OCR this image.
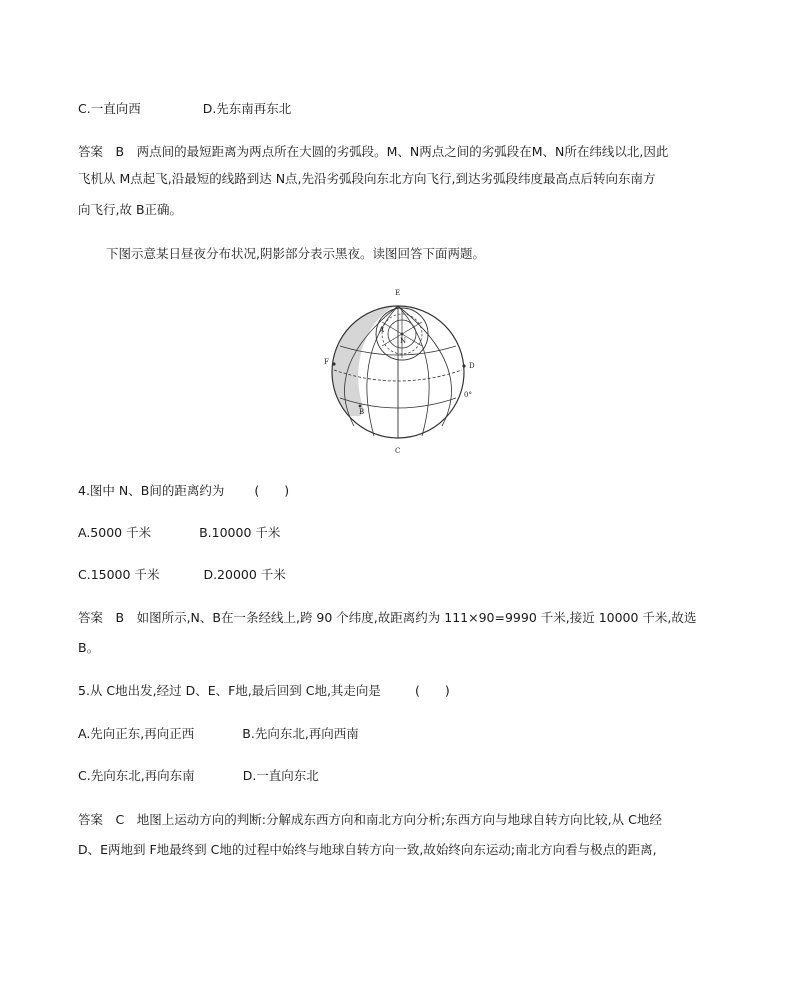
C.一直向西	D.先东南再东北
答案　B　两点间的最短距离为两点所在大圆的劣弧段。M、N两点之间的劣弧段在M、N所在纬线以北,因此
飞机从 M点起飞,沿最短的线路到达 N点,先沿劣弧段向东北方向飞行,到达劣弧段纬度最高点后转向东南方
向飞行,故 B正确。
下图示意某日昼夜分布状况,阴影部分表示黑夜。读图回答下面两题。
E
D
C
F
B
N
A
0°
4.图中 N、B间的距离约为 (　　)
A.5000 千米	B.10000 千米
C.15000 千米	D.20000 千米
答案　B　如图所示,N、B在一条经线上,跨 90 个纬度,故距离约为 111×90=9990 千米,接近 10000 千米,故选
B。
5.从 C地出发,经过 D、E、F地,最后回到 C地,其走向是	(　　)
A.先向正东,再向正西	B.先向东北,再向西南
C.先向东北,再向东南	D.一直向东北
答案　C　地图上运动方向的判断:分解成东西方向和南北方向分析;东西方向与地球自转方向比较,从 C地经
D、E两地到 F地最终到 C地的过程中始终与地球自转方向一致,故始终向东运动;南北方向看与极点的距离,
